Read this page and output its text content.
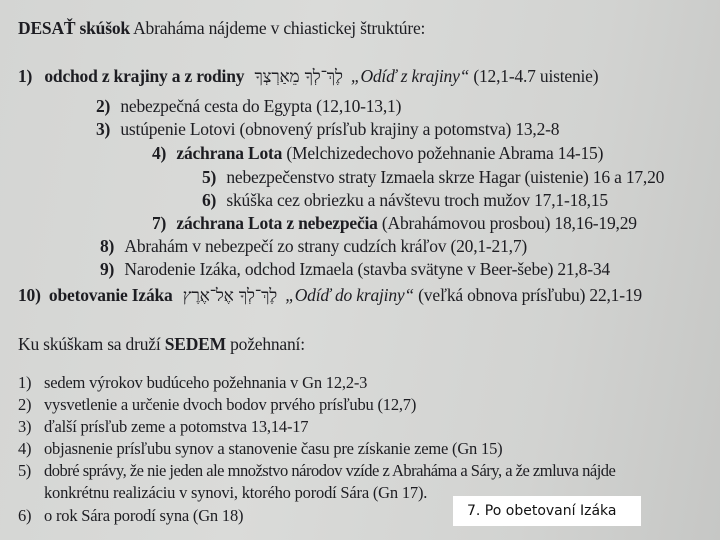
DESAŤ skúšok Abraháma nájdeme v chiastickej štruktúre:
1) odchod z krajiny a z rodiny לֶךְ־לְךָ מֵאַרְצְךָ „Odíď z krajiny“ (12,1-4.7 uistenie)
2) nebezpečná cesta do Egypta (12,10-13,1)
3) ustúpenie Lotovi (obnovený prísľub krajiny a potomstva) 13,2-8
4) záchrana Lota (Melchizedechovo požehnanie Abrama 14-15)
5) nebezpečenstvo straty Izmaela skrze Hagar (uistenie) 16 a 17,20
6) skúška cez obriezku a návštevu troch mužov 17,1-18,15
7) záchrana Lota z nebezpečia (Abrahámovou prosbou) 18,16-19,29
8) Abrahám v nebezpečí zo strany cudzích kráľov (20,1-21,7)
9) Narodenie Izáka, odchod Izmaela (stavba svätyne v Beer-šebe) 21,8-34
10) obetovanie Izáka לֶךְ־לְךָ אֶל־אֶרֶץ „Odíď do krajiny“ (veľká obnova prísľubu) 22,1-19
Ku skúškam sa druží SEDEM požehnaní:
1) sedem výrokov budúceho požehnania v Gn 12,2-3
2) vysvetlenie a určenie dvoch bodov prvého prísľubu (12,7)
3) ďalší prísľub zeme a potomstva 13,14-17
4) objasnenie prísľubu synov a stanovenie času pre získanie zeme (Gn 15)
5) dobré správy, že nie jeden ale množstvo národov vzíde z Abraháma a Sáry, a že zmluva nájde
konkrétnu realizáciu v synovi, ktorého porodí Sára (Gn 17).
6) o rok Sára porodí syna (Gn 18)	7. Po obetovaní Izáka
